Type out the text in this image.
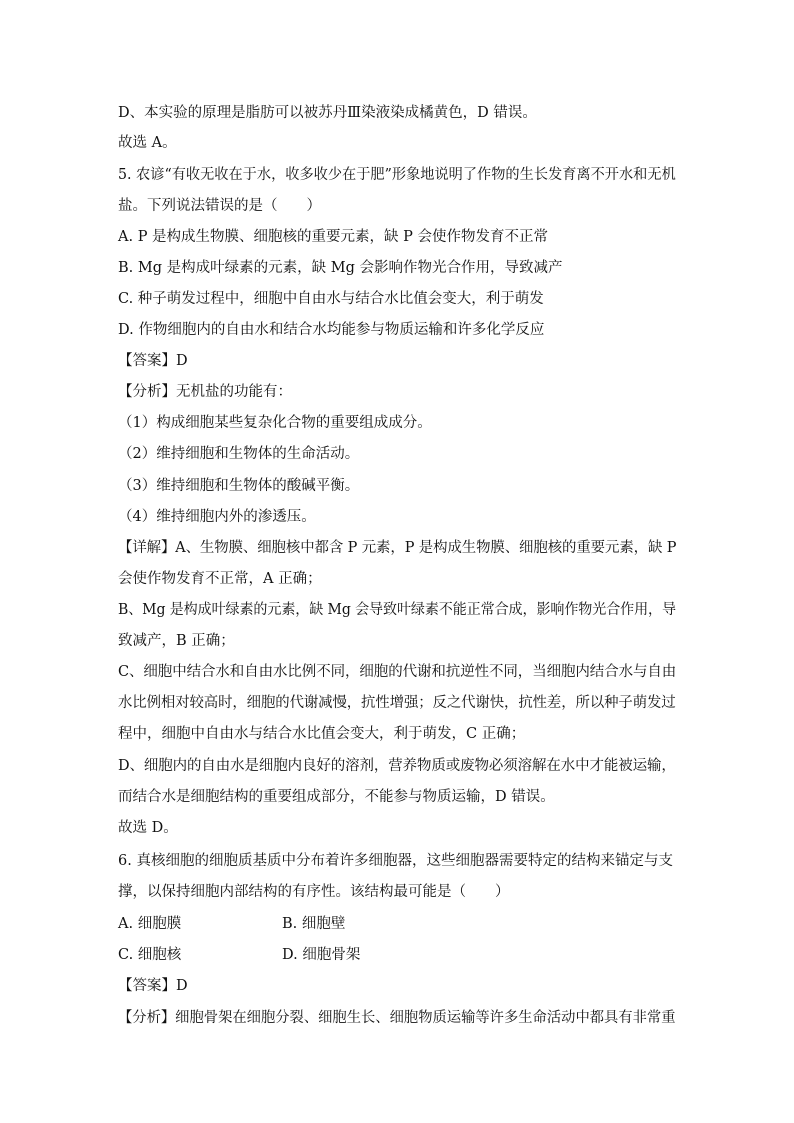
D、本实验的原理是脂肪可以被苏丹Ⅲ染液染成橘黄色，D 错误。
故选 A。
5. 农谚“有收无收在于水，收多收少在于肥”形象地说明了作物的生长发育离不开水和无机
盐。下列说法错误的是（　　）
A. P 是构成生物膜、细胞核的重要元素，缺 P 会使作物发育不正常
B. Mg 是构成叶绿素的元素，缺 Mg 会影响作物光合作用，导致减产
C. 种子萌发过程中，细胞中自由水与结合水比值会变大，利于萌发
D. 作物细胞内的自由水和结合水均能参与物质运输和许多化学反应
【答案】D
【分析】无机盐的功能有：
（1）构成细胞某些复杂化合物的重要组成成分。
（2）维持细胞和生物体的生命活动。
（3）维持细胞和生物体的酸碱平衡。
（4）维持细胞内外的渗透压。
【详解】A、生物膜、细胞核中都含 P 元素，P 是构成生物膜、细胞核的重要元素，缺 P
会使作物发育不正常，A 正确；
B、Mg 是构成叶绿素的元素，缺 Mg 会导致叶绿素不能正常合成，影响作物光合作用，导
致减产，B 正确；
C、细胞中结合水和自由水比例不同，细胞的代谢和抗逆性不同，当细胞内结合水与自由
水比例相对较高时，细胞的代谢减慢，抗性增强；反之代谢快，抗性差，所以种子萌发过
程中，细胞中自由水与结合水比值会变大，利于萌发，C 正确；
D、细胞内的自由水是细胞内良好的溶剂，营养物质或废物必须溶解在水中才能被运输，
而结合水是细胞结构的重要组成部分，不能参与物质运输，D 错误。
故选 D。
6. 真核细胞的细胞质基质中分布着许多细胞器，这些细胞器需要特定的结构来锚定与支
撑，以保持细胞内部结构的有序性。该结构最可能是（　　）
A. 细胞膜	B. 细胞壁
C. 细胞核	D. 细胞骨架
【答案】D
【分析】细胞骨架在细胞分裂、细胞生长、细胞物质运输等许多生命活动中都具有非常重
